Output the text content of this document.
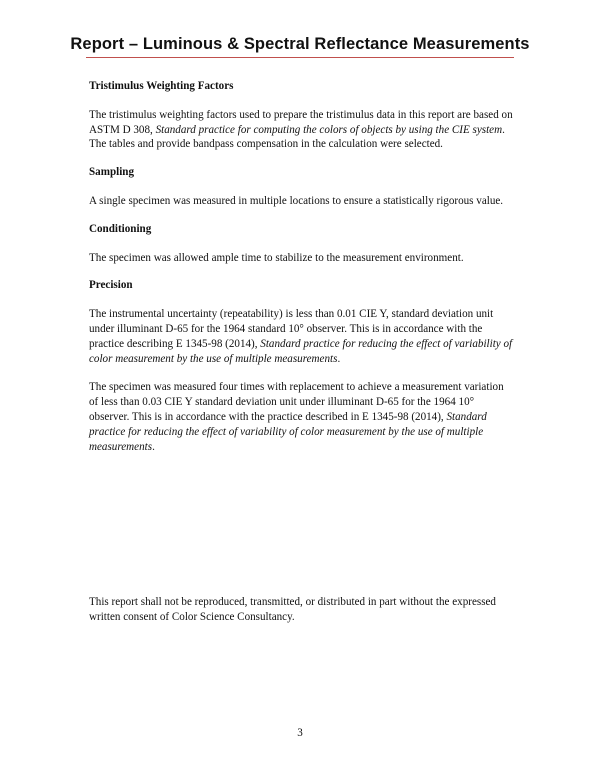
Report – Luminous & Spectral Reflectance Measurements

Tristimulus Weighting Factors

The tristimulus weighting factors used to prepare the tristimulus data in this report are based on ASTM D 308, Standard practice for computing the colors of objects by using the CIE system. The tables and provide bandpass compensation in the calculation were selected.

Sampling

A single specimen was measured in multiple locations to ensure a statistically rigorous value.

Conditioning

The specimen was allowed ample time to stabilize to the measurement environment.

Precision

The instrumental uncertainty (repeatability) is less than 0.01 CIE Y, standard deviation unit under illuminant D-65 for the 1964 standard 10° observer. This is in accordance with the practice describing E 1345-98 (2014), Standard practice for reducing the effect of variability of color measurement by the use of multiple measurements.

The specimen was measured four times with replacement to achieve a measurement variation of less than 0.03 CIE Y standard deviation unit under illuminant D-65 for the 1964 10° observer. This is in accordance with the practice described in E 1345-98 (2014), Standard practice for reducing the effect of variability of color measurement by the use of multiple measurements.

This report shall not be reproduced, transmitted, or distributed in part without the expressed written consent of Color Science Consultancy.

3
